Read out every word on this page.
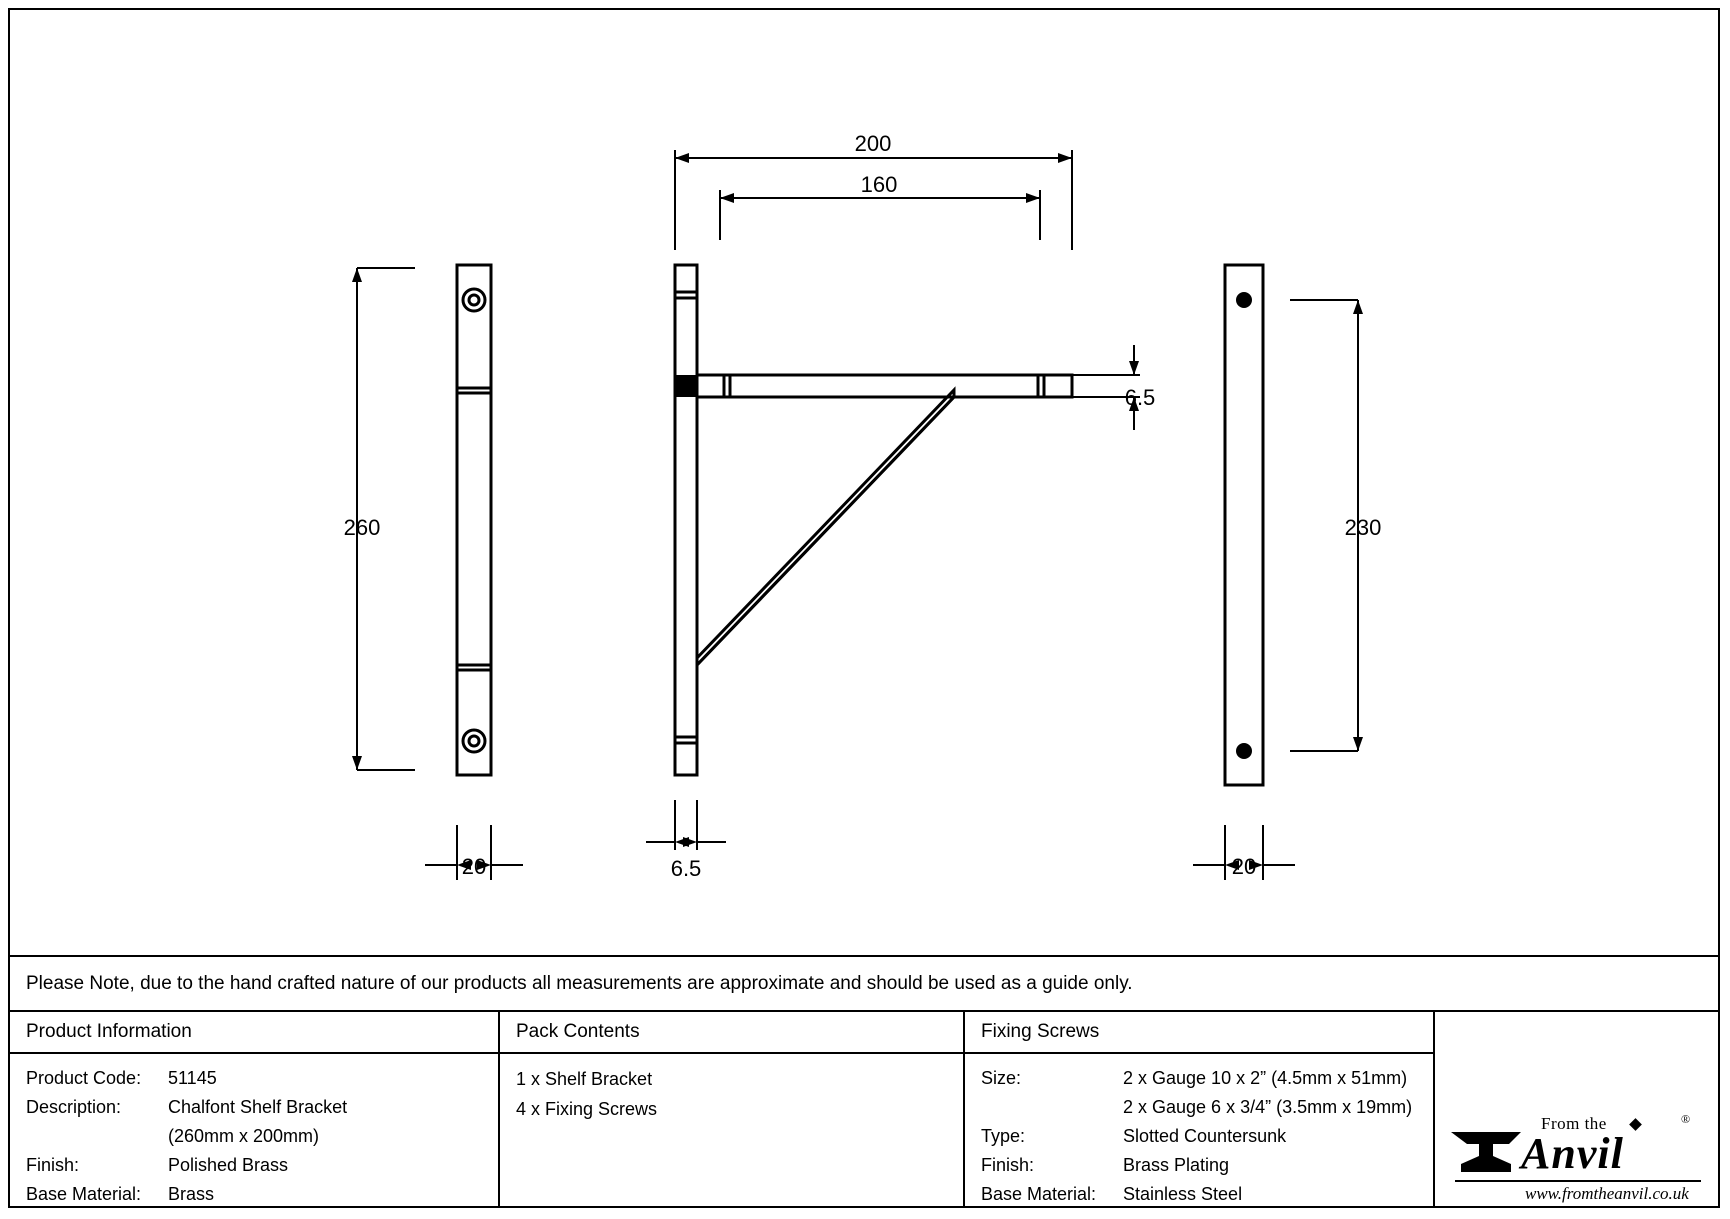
200
160
260	230
6.5
6.5
20	20
Please Note, due to the hand crafted nature of our products all measurements are approximate and should be used as a guide only.
Product Information
Product Code:	51145
Description:	Chalfont Shelf Bracket
(260mm x 200mm)
Finish:	Polished Brass
Base Material:	Brass
Pack Contents
1 x Shelf Bracket
4 x Fixing Screws
Fixing Screws
Size:	2 x Gauge 10 x 2” (4.5mm x 51mm)
2 x Gauge 6 x 3/4” (3.5mm x 19mm)
Type:	Slotted Countersunk
Finish:	Brass Plating
Base Material:	Stainless Steel
From the	®
Anvil
www.fromtheanvil.co.uk
